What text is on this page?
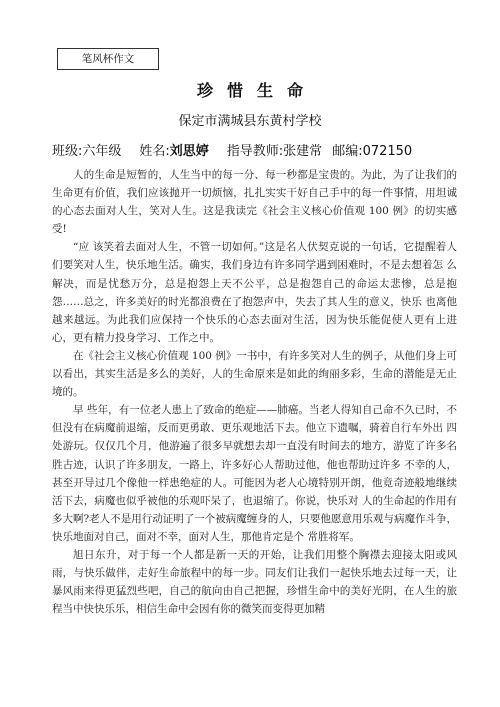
笔风杯作文
珍惜生命
保定市满城县东黄村学校
班级:六年级 姓名:刘思婷 指导教师:张建常 邮编:072150

人的生命是短暂的，人生当中的每一分、每一秒都是宝贵的。为此，为了让我们的生命更有价值，我们应该抛开一切烦恼，扎扎实实干好自己手中的每一件事情，用坦诚的心态去面对人生，笑对人生。这是我读完《社会主义核心价值观 100 例》的切实感受!

“应 该笑着去面对人生，不管一切如何。”这是名人伏契克说的一句话，它提醒着人们要笑对人生，快乐地生活。确实，我们身边有许多同学遇到困难时，不是去想着怎 么解决，而是忧愁万分，总是抱怨上天不公平，总是抱怨自己的命运太悲惨，总是抱怨……总之，许多美好的时光都浪费在了抱怨声中，失去了其人生的意义，快乐 也离他越来越远。为此我们应保持一个快乐的心态去面对生活，因为快乐能促使人更有上进心，更有精力投身学习、工作之中。

在《社会主义核心价值观 100 例》一书中，有许多笑对人生的例子，从他们身上可以看出，其实生活是多么的美好，人的生命原来是如此的绚丽多彩，生命的潜能是无止境的。

早 些年，有一位老人患上了致命的绝症——肺癌。当老人得知自己命不久已时，不但没有在病魔前退缩，反而更勇敢、更乐观地活下去。他立下遗嘱，骑着自行车外出 四处游玩。仅仅几个月，他游遍了很多早就想去却一直没有时间去的地方，游览了许多名胜古迹，认识了许多朋友，一路上，许多好心人帮助过他，他也帮助过许多 不幸的人，甚至开导过几个像他一样患绝症的人。可能因为老人心境特别开朗，他竟奇迹般地继续活下去，病魔也似乎被他的乐观吓呆了，也退缩了。你说，快乐对 人的生命起的作用有多大啊?老人不是用行动证明了一个被病魔缠身的人，只要他愿意用乐观与病魔作斗争，快乐地面对自己，面对不幸，面对人生，那他肯定是个 常胜将军。

旭日东升，对于每一个人都是新一天的开始，让我们用整个胸襟去迎接太阳或风雨，与快乐做伴，走好生命旅程中的每一步。同友们让我们一起快乐地去过每一天，让暴风雨来得更猛烈些吧，自己的航向由自己把握，珍惜生命中的美好光阴，在人生的旅程当中快快乐乐，相信生命中会因有你的微笑而变得更加精
